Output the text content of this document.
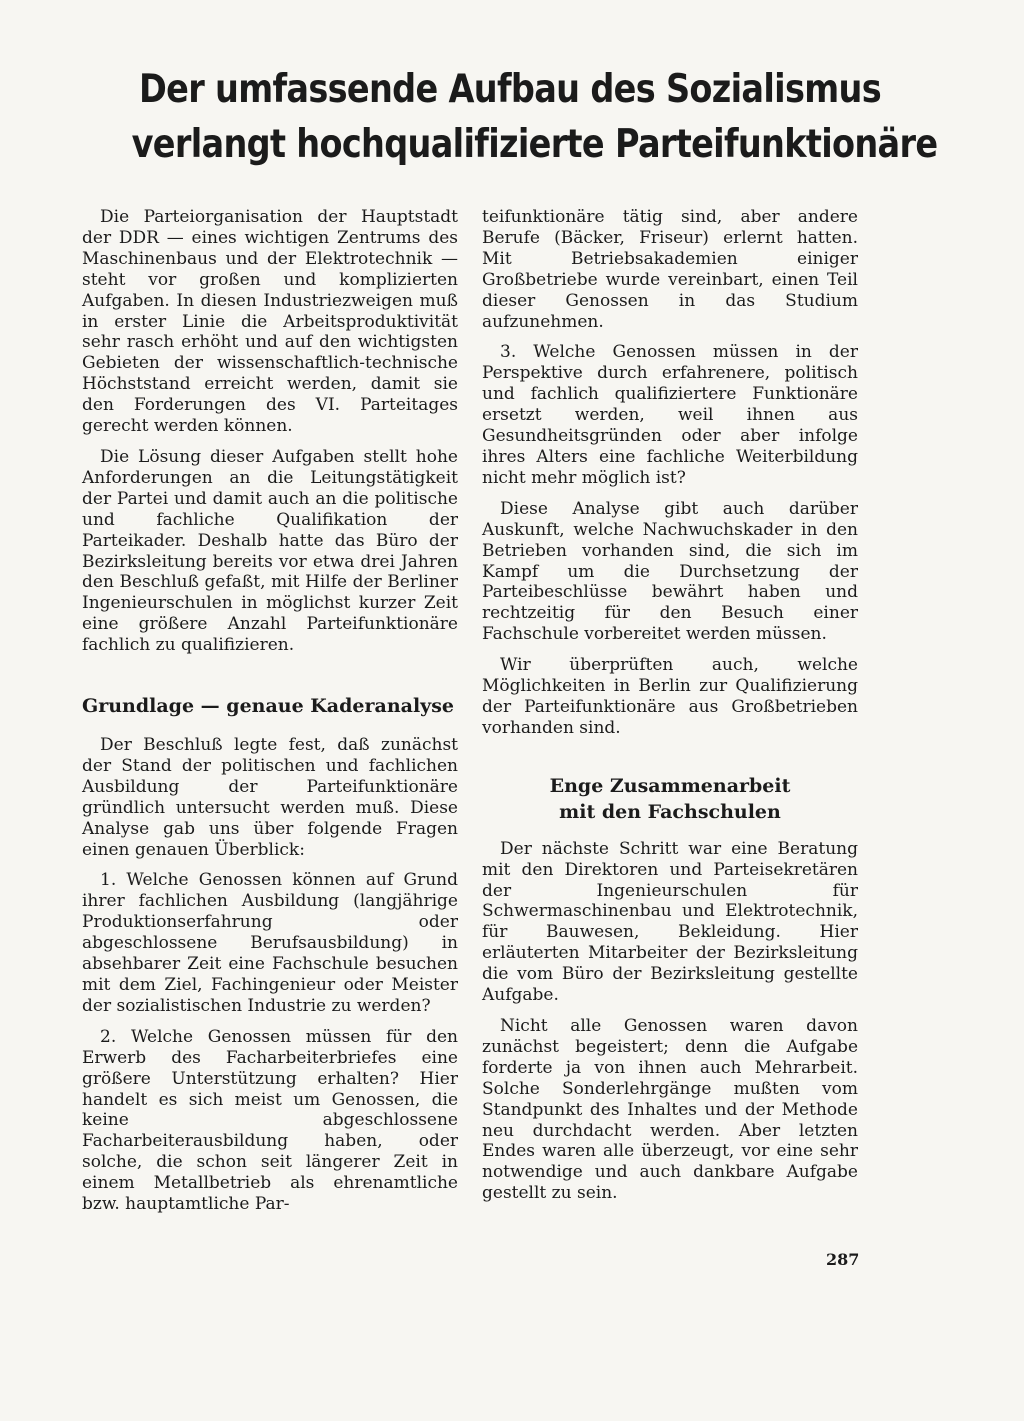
Der umfassende Aufbau des Sozialismus
verlangt hochqualifizierte Parteifunktionäre

Die Parteiorganisation der Hauptstadt der DDR — eines wichtigen Zentrums des Maschinenbaus und der Elektrotechnik — steht vor großen und komplizierten Aufgaben. In diesen Industriezweigen muß in erster Linie die Arbeitsproduktivität sehr rasch erhöht und auf den wichtigsten Gebieten der wissenschaftlich-technische Höchststand erreicht werden, damit sie den Forderungen des VI. Parteitages gerecht werden können.

Die Lösung dieser Aufgaben stellt hohe Anforderungen an die Leitungstätigkeit der Partei und damit auch an die politische und fachliche Qualifikation der Parteikader. Deshalb hatte das Büro der Bezirksleitung bereits vor etwa drei Jahren den Beschluß gefaßt, mit Hilfe der Berliner Ingenieurschulen in möglichst kurzer Zeit eine größere Anzahl Parteifunktionäre fachlich zu qualifizieren.

Grundlage — genaue Kaderanalyse

Der Beschluß legte fest, daß zunächst der Stand der politischen und fachlichen Ausbildung der Parteifunktionäre gründlich untersucht werden muß. Diese Analyse gab uns über folgende Fragen einen genauen Überblick:

1. Welche Genossen können auf Grund ihrer fachlichen Ausbildung (langjährige Produktionserfahrung oder abgeschlossene Berufsausbildung) in absehbarer Zeit eine Fachschule besuchen mit dem Ziel, Fachingenieur oder Meister der sozialistischen Industrie zu werden?

2. Welche Genossen müssen für den Erwerb des Facharbeiterbriefes eine größere Unterstützung erhalten? Hier handelt es sich meist um Genossen, die keine abgeschlossene Facharbeiterausbildung haben, oder solche, die schon seit längerer Zeit in einem Metallbetrieb als ehrenamtliche bzw. hauptamtliche Par-

teifunktionäre tätig sind, aber andere Berufe (Bäcker, Friseur) erlernt hatten. Mit Betriebsakademien einiger Großbetriebe wurde vereinbart, einen Teil dieser Genossen in das Studium aufzunehmen.

3. Welche Genossen müssen in der Perspektive durch erfahrenere, politisch und fachlich qualifiziertere Funktionäre ersetzt werden, weil ihnen aus Gesundheitsgründen oder aber infolge ihres Alters eine fachliche Weiterbildung nicht mehr möglich ist?

Diese Analyse gibt auch darüber Auskunft, welche Nachwuchskader in den Betrieben vorhanden sind, die sich im Kampf um die Durchsetzung der Parteibeschlüsse bewährt haben und rechtzeitig für den Besuch einer Fachschule vorbereitet werden müssen.

Wir überprüften auch, welche Möglichkeiten in Berlin zur Qualifizierung der Parteifunktionäre aus Großbetrieben vorhanden sind.

Enge Zusammenarbeit
mit den Fachschulen

Der nächste Schritt war eine Beratung mit den Direktoren und Parteisekretären der Ingenieurschulen für Schwermaschinenbau und Elektrotechnik, für Bauwesen, Bekleidung. Hier erläuterten Mitarbeiter der Bezirksleitung die vom Büro der Bezirksleitung gestellte Aufgabe.

Nicht alle Genossen waren davon zunächst begeistert; denn die Aufgabe forderte ja von ihnen auch Mehrarbeit. Solche Sonderlehrgänge mußten vom Standpunkt des Inhaltes und der Methode neu durchdacht werden. Aber letzten Endes waren alle überzeugt, vor eine sehr notwendige und auch dankbare Aufgabe gestellt zu sein.

287
